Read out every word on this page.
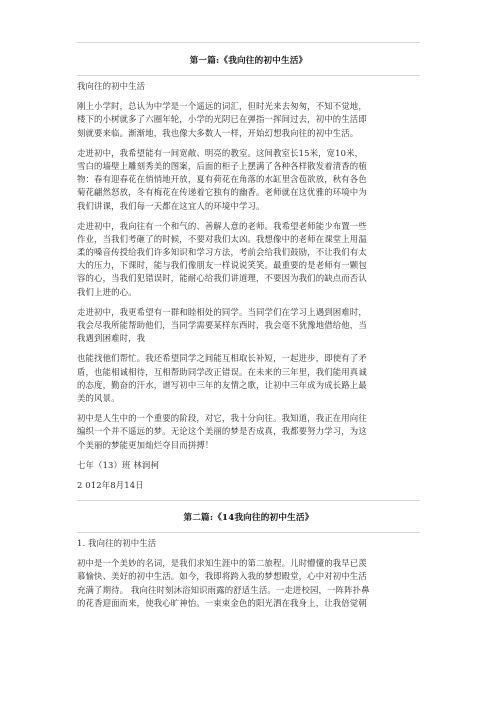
第一篇:《我向往的初中生活》
我向往的初中生活
刚上小学时，总认为中学是一个遥远的词汇，但时光来去匆匆，不知不觉地，
楼下的小树就多了六圈年轮，小学的光阴已在弹指一挥间过去，初中的生活即
刻就要来临。渐渐地，我也像大多数人一样，开始幻想我向往的初中生活。
走进初中，我希望能有一间宽敞、明亮的教室。这间教室长15米，宽10米，
雪白的墙壁上雕刻秀美的图案，后面的柜子上摆满了各种各样散发着清香的植
物：春有迎春花在悄悄地开放，夏有荷花在角落的水缸里含苞欲放，秋有各色
菊花翩然怒放，冬有梅花在传递着它独有的幽香。老师就在这优雅的环境中为
我们讲课，我们每一天都在这宜人的环境中学习。
走进初中，我向往有一个和气的、善解人意的老师。我希望老师能少布置一些
作业，当我们考砸了的时候，不要对我们太凶。我想像中的老师在课堂上用温
柔的嗓音传授给我们许多知识和学习方法，考前会给我们鼓励，不让我们有太
大的压力，下课时，能与我们像朋友一样说说笑笑。最重要的是老师有一颗包
容的心，当我们犯错误时，能耐心给我们讲道理，不要因为我们的缺点而否认
我们上进的心。
走进初中，我更希望有一群和睦相处的同学。当同学们在学习上遇到困难时，
我会尽我所能帮助他们，当同学需要某样东西时，我会毫不犹豫地借给他，当
我遇到困难时，我
也能找他们帮忙。我还希望同学之间能互相取长补短，一起进步，即使有了矛
盾，也能相诚相待，互相帮助同学改正错误。在未来的三年里，我们能用真诚
的态度，勤奋的汗水，谱写初中三年的友情之歌，让初中三年成为成长路上最
美的风景。
初中是人生中的一个重要的阶段，对它，我十分向往。我知道，我正在用向往
编织一个并不遥远的梦。无论这个美丽的梦是否成真，我都要努力学习，为这
个美丽的梦能更加灿烂夺目而拼搏！
七年（13）班 林润柯
2 012年8月14日
第二篇:《14我向往的初中生活》
1. 我向往的初中生活
初中是一个美妙的名词，是我们求知生涯中的第二旅程。儿时懵懂的我早已羡
慕愉快、美好的初中生活。如今，我即将跨入我的梦想殿堂，心中对初中生活
充满了期待。 我向往时刻沐浴知识雨露的舒适生活。一走进校园，一阵阵扑鼻
的花香迎面而来，使我心旷神怡。一束束金色的阳光洒在我身上，让我倍觉朝
